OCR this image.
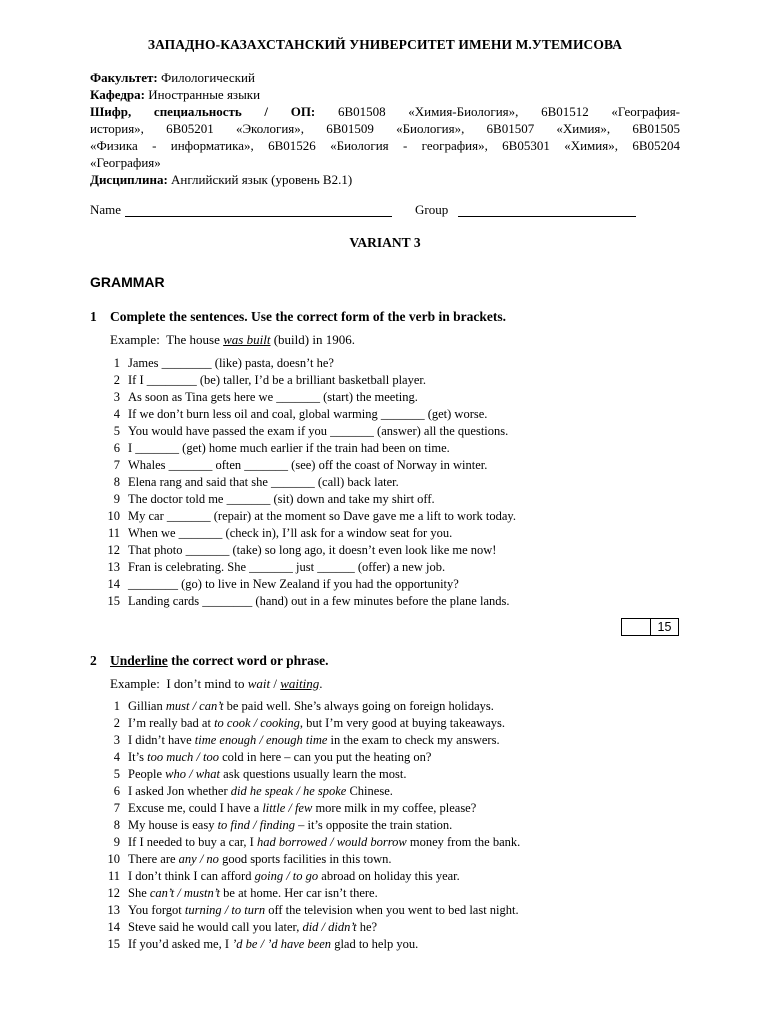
ЗАПАДНО-КАЗАХСТАНСКИЙ УНИВЕРСИТЕТ ИМЕНИ М.УТЕМИСОВА
Факультет: Филологический
Кафедра: Иностранные языки
Шифр, специальность / ОП: 6В01508 «Химия-Биология», 6В01512 «География-
история», 6В05201 «Экология», 6В01509 «Биология», 6В01507 «Химия», 6В01505
«Физика - информатика», 6В01526 «Биология - география», 6В05301 «Химия», 6В05204
«География»
Дисциплина: Английский язык (уровень В2.1)
Name	Group
VARIANT 3
GRAMMAR
1 Complete the sentences. Use the correct form of the verb in brackets.
Example: The house was built (build) in 1906.
1 James ________ (like) pasta, doesn’t he?
2 If I ________ (be) taller, I’d be a brilliant basketball player.
3 As soon as Tina gets here we _______ (start) the meeting.
4 If we don’t burn less oil and coal, global warming _______ (get) worse.
5 You would have passed the exam if you _______ (answer) all the questions.
6 I _______ (get) home much earlier if the train had been on time.
7 Whales _______ often _______ (see) off the coast of Norway in winter.
8 Elena rang and said that she _______ (call) back later.
9 The doctor told me _______ (sit) down and take my shirt off.
10 My car _______ (repair) at the moment so Dave gave me a lift to work today.
11 When we _______ (check in), I’ll ask for a window seat for you.
12 That photo _______ (take) so long ago, it doesn’t even look like me now!
13 Fran is celebrating. She _______ just ______ (offer) a new job.
14 ________ (go) to live in New Zealand if you had the opportunity?
15 Landing cards ________ (hand) out in a few minutes before the plane lands.
15
2 Underline the correct word or phrase.
Example: I don’t mind to wait / waiting.
1 Gillian must / can’t be paid well. She’s always going on foreign holidays.
2 I’m really bad at to cook / cooking, but I’m very good at buying takeaways.
3 I didn’t have time enough / enough time in the exam to check my answers.
4 It’s too much / too cold in here – can you put the heating on?
5 People who / what ask questions usually learn the most.
6 I asked Jon whether did he speak / he spoke Chinese.
7 Excuse me, could I have a little / few more milk in my coffee, please?
8 My house is easy to find / finding – it’s opposite the train station.
9 If I needed to buy a car, I had borrowed / would borrow money from the bank.
10 There are any / no good sports facilities in this town.
11 I don’t think I can afford going / to go abroad on holiday this year.
12 She can’t / mustn’t be at home. Her car isn’t there.
13 You forgot turning / to turn off the television when you went to bed last night.
14 Steve said he would call you later, did / didn’t he?
15 If you’d asked me, I ’d be / ’d have been glad to help you.
